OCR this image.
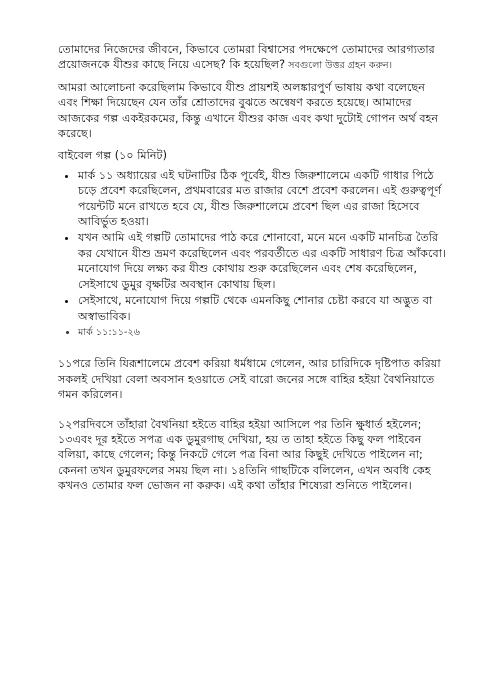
তোমাদের নিজেদের জীবনে, কিভাবে তোমরা বিশ্বাসের পদক্ষেপে তোমাদের আরগ্যতার প্রয়োজনকে যীশুর কাছে নিয়ে এসেছ? কি হয়েছিল? সবগুলো উত্তর গ্রহন করুন।

আমরা আলোচনা করেছিলাম কিভাবে যীশু প্রায়শই অলঙ্কারপুর্ণ ভাষায় কথা বলেছেন এবং শিক্ষা দিয়েছেন যেন তাঁর শ্রোতাদের বুঝতে অন্বেষণ করতে হয়েছে। আমাদের আজকের গল্প একইরকমের, কিন্তু এখানে যীশুর কাজ এবং কথা দুটোই গোপন অর্থ বহন করেছে।

বাইবেল গল্প (১০ মিনিট)

• মার্ক ১১ অধ্যায়ের এই ঘটনাটির ঠিক পূর্বেই, যীশু জিরুশালেমে একটি গাধার পিঠে চড়ে প্রবেশ করেছিলেন, প্রথমবারের মত রাজার বেশে প্রবেশ করলেন। এই গুরুত্বপূর্ণ পয়েন্টটি মনে রাখতে হবে যে, যীশু জিরুশালেমে প্রবেশ ছিল এর রাজা হিসেবে আবির্ভুত হওয়া।
• যখন আমি এই গল্পটি তোমাদের পাঠ করে শোনাবো, মনে মনে একটি মানচিত্র তৈরি কর যেখানে যীশু ভ্রমণ করেছিলেন এবং পরবর্তীতে এর একটি সাধারণ চিত্র আঁকবো। মনোযোগ দিয়ে লক্ষ্য কর যীশু কোথায় শুরু করেছিলেন এবং শেষ করেছিলেন, সেইসাথে ডুমুর বৃক্ষটির অবস্থান কোথায় ছিল।
• সেইসাথে, মনোযোগ দিয়ে গল্পটি থেকে এমনকিছু শোনার চেষ্টা করবে যা অদ্ভুত বা অস্বাভাবিক।
• মার্ক ১১:১১-২৬

১১পরে তিনি যিরূশালেমে প্রবেশ করিয়া ধর্মধামে গেলেন, আর চারিদিকে দৃষ্টিপাত করিয়া সকলই দেখিয়া বেলা অবসান হওয়াতে সেই বারো জনের সঙ্গে বাহির হইয়া বৈথনিয়াতে গমন করিলেন।

১২পরদিবসে তাঁহারা বৈথনিয়া হইতে বাহির হইয়া আসিলে পর তিনি ক্ষুধার্ত হইলেন; ১৩এবং দূর হইতে সপত্র এক ডুমুরগাছ দেখিয়া, হয় ত তাহা হইতে কিছু ফল পাইবেন বলিয়া, কাছে গেলেন; কিন্তু নিকটে গেলে পত্র বিনা আর কিছুই দেখিতে পাইলেন না; কেননা তখন ডুমুরফলের সময় ছিল না। ১৪তিনি গাছটিকে বলিলেন, এখন অবধি কেহ কখনও তোমার ফল ভোজন না করুক। এই কথা তাঁহার শিষ্যেরা শুনিতে পাইলেন।
